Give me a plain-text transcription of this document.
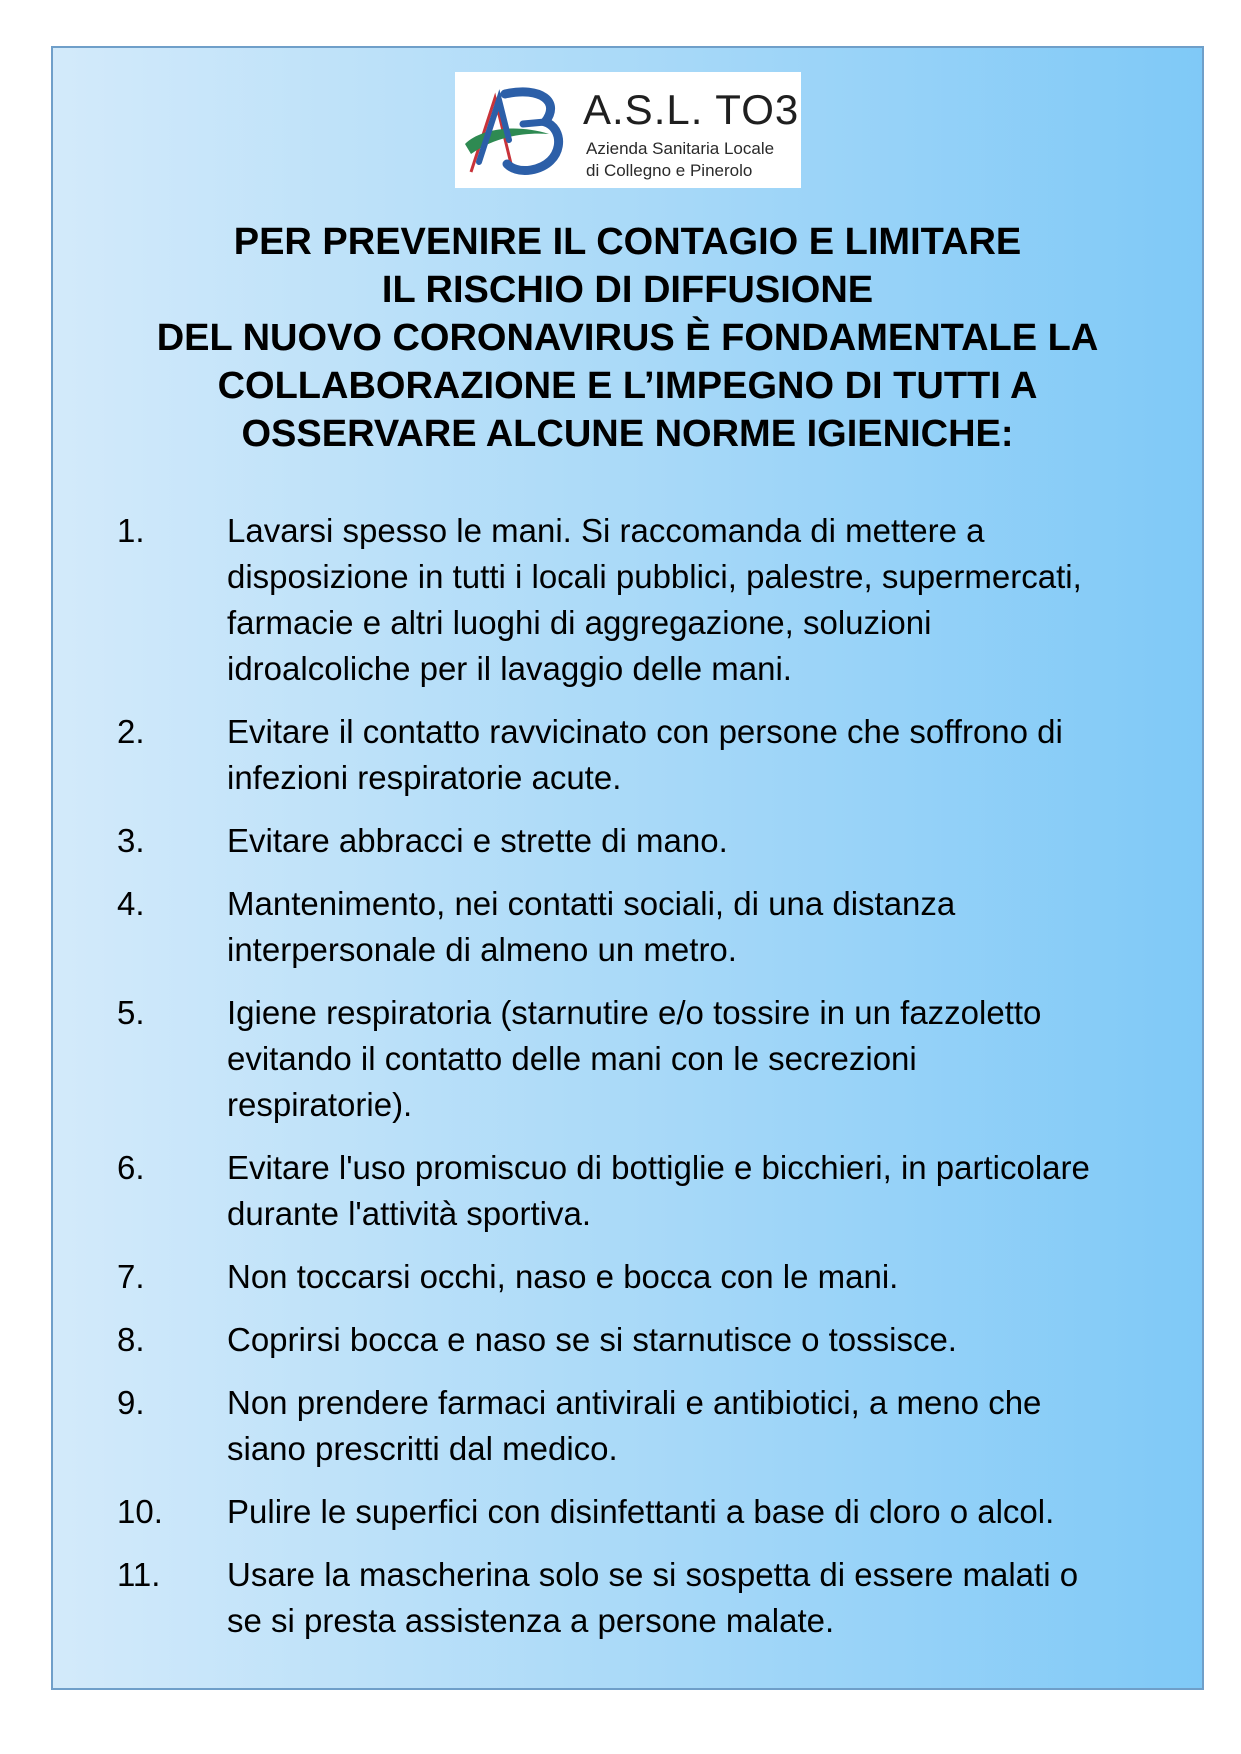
A.S.L. TO3
Azienda Sanitaria Locale
di Collegno e Pinerolo
PER PREVENIRE IL CONTAGIO E LIMITARE
IL RISCHIO DI DIFFUSIONE
DEL NUOVO CORONAVIRUS È FONDAMENTALE LA
COLLABORAZIONE E L’IMPEGNO DI TUTTI A
OSSERVARE ALCUNE NORME IGIENICHE:
1.	Lavarsi spesso le mani. Si raccomanda di mettere a
disposizione in tutti i locali pubblici, palestre, supermercati,
farmacie e altri luoghi di aggregazione, soluzioni
idroalcoliche per il lavaggio delle mani.
2.	Evitare il contatto ravvicinato con persone che soffrono di
infezioni respiratorie acute.
3.	Evitare abbracci e strette di mano.
4.	Mantenimento, nei contatti sociali, di una distanza
interpersonale di almeno un metro.
5.	Igiene respiratoria (starnutire e/o tossire in un fazzoletto
evitando il contatto delle mani con le secrezioni
respiratorie).
6.	Evitare l'uso promiscuo di bottiglie e bicchieri, in particolare
durante l'attività sportiva.
7.	Non toccarsi occhi, naso e bocca con le mani.
8.	Coprirsi bocca e naso se si starnutisce o tossisce.
9.	Non prendere farmaci antivirali e antibiotici, a meno che
siano prescritti dal medico.
10.	Pulire le superfici con disinfettanti a base di cloro o alcol.
11.	Usare la mascherina solo se si sospetta di essere malati o
se si presta assistenza a persone malate.
